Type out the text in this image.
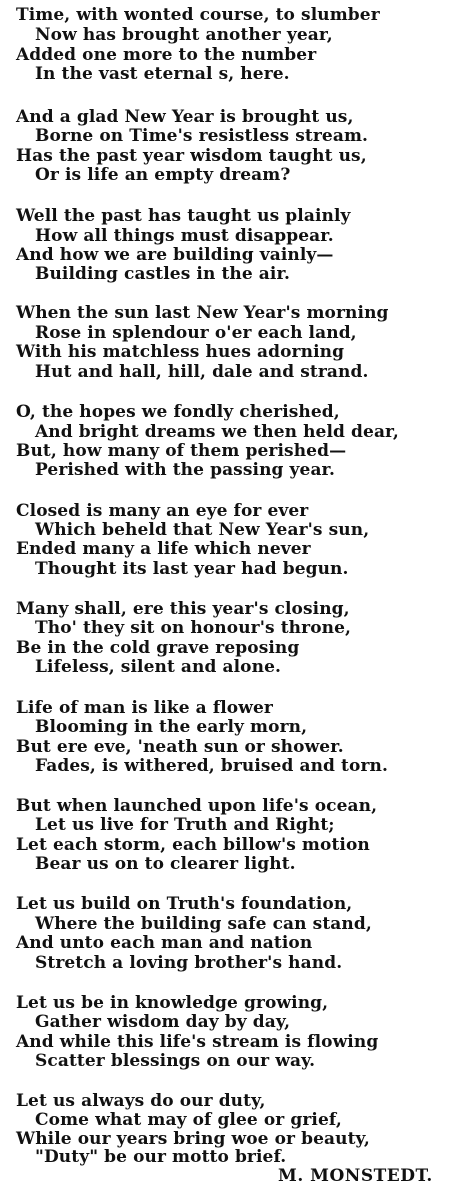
Time, with wonted course, to slumber
Now has brought another year,
Added one more to the number
In the vast eternal s, here.
And a glad New Year is brought us,
Borne on Time's resistless stream.
Has the past year wisdom taught us,
Or is life an empty dream?
Well the past has taught us plainly
How all things must disappear.
And how we are building vainly—
Building castles in the air.
When the sun last New Year's morning
Rose in splendour o'er each land,
With his matchless hues adorning
Hut and hall, hill, dale and strand.
O, the hopes we fondly cherished,
And bright dreams we then held dear,
But, how many of them perished—
Perished with the passing year.
Closed is many an eye for ever
Which beheld that New Year's sun,
Ended many a life which never
Thought its last year had begun.
Many shall, ere this year's closing,
Tho' they sit on honour's throne,
Be in the cold grave reposing
Lifeless, silent and alone.
Life of man is like a flower
Blooming in the early morn,
But ere eve, 'neath sun or shower.
Fades, is withered, bruised and torn.
But when launched upon life's ocean,
Let us live for Truth and Right;
Let each storm, each billow's motion
Bear us on to clearer light.
Let us build on Truth's foundation,
Where the building safe can stand,
And unto each man and nation
Stretch a loving brother's hand.
Let us be in knowledge growing,
Gather wisdom day by day,
And while this life's stream is flowing
Scatter blessings on our way.
Let us always do our duty,
Come what may of glee or grief,
While our years bring woe or beauty,
"Duty" be our motto brief.
M. MONSTEDT.
